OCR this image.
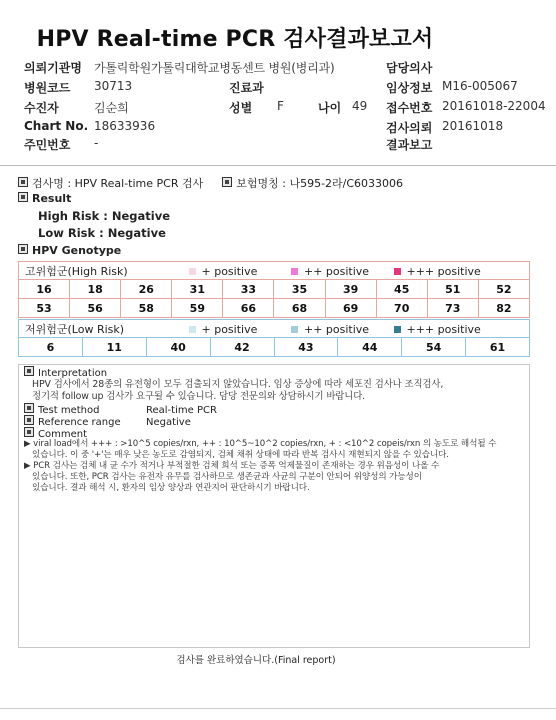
HPV Real-time PCR 검사결과보고서
의뢰기관명 가톨릭학원가톨릭대학교병동센트 병원(병리과)	담당의사
병원코드 30713	진료과	임상정보 M16-005067
수진자	김순희	성별 F	나이 49 접수번호 20161018-22004
Chart No. 18633936	검사의뢰 20161018
주민번호 -	결과보고
검사명 : HPV Real-time PCR 검사	보험명칭 : 나595-2라/C6033006
Result
High Risk : Negative
Low Risk : Negative
HPV Genotype
고위험군(High Risk) + positive ++ positive +++ positive									
16	18	26	31	33	35	39	45	51	52
53	56	58	59	66	68	69	70	73	82
저위험군(Low Risk)	+ positive	++ positive	+++ positive
6	11	40	42	43	44	54	61
Interpretation
HPV 검사에서 28종의 유전형이 모두 검출되지 않았습니다. 임상 증상에 따라 세포진 검사나 조직검사,
정기적 follow up 검사가 요구될 수 있습니다. 담당 전문의와 상담하시기 바랍니다.
Test method	Real-time PCR
Reference range	Negative
Comment
▶ viral load에서 +++ : >10^5 copies/rxn, ++ : 10^5~10^2 copies/rxn, + : <10^2 copeis/rxn 의 농도로 해석될 수
있습니다. 이 중 '+'는 매우 낮은 농도로 감염되지, 검체 채취 상태에 따라 반복 검사시 재현되지 않을 수 있습니다.
▶ PCR 검사는 검체 내 균 수가 적거나 부적절한 검체 희석 또는 증폭 억제물질이 존재하는 경우 위음성이 나올 수
있습니다. 또한, PCR 검사는 유전자 유무를 검사하므로 생존균과 사균의 구분이 안되어 위양성의 가능성이
있습니다. 결과 해석 시, 환자의 임상 양상과 연관지어 판단하시기 바랍니다.
검사를 완료하였습니다.(Final report)
